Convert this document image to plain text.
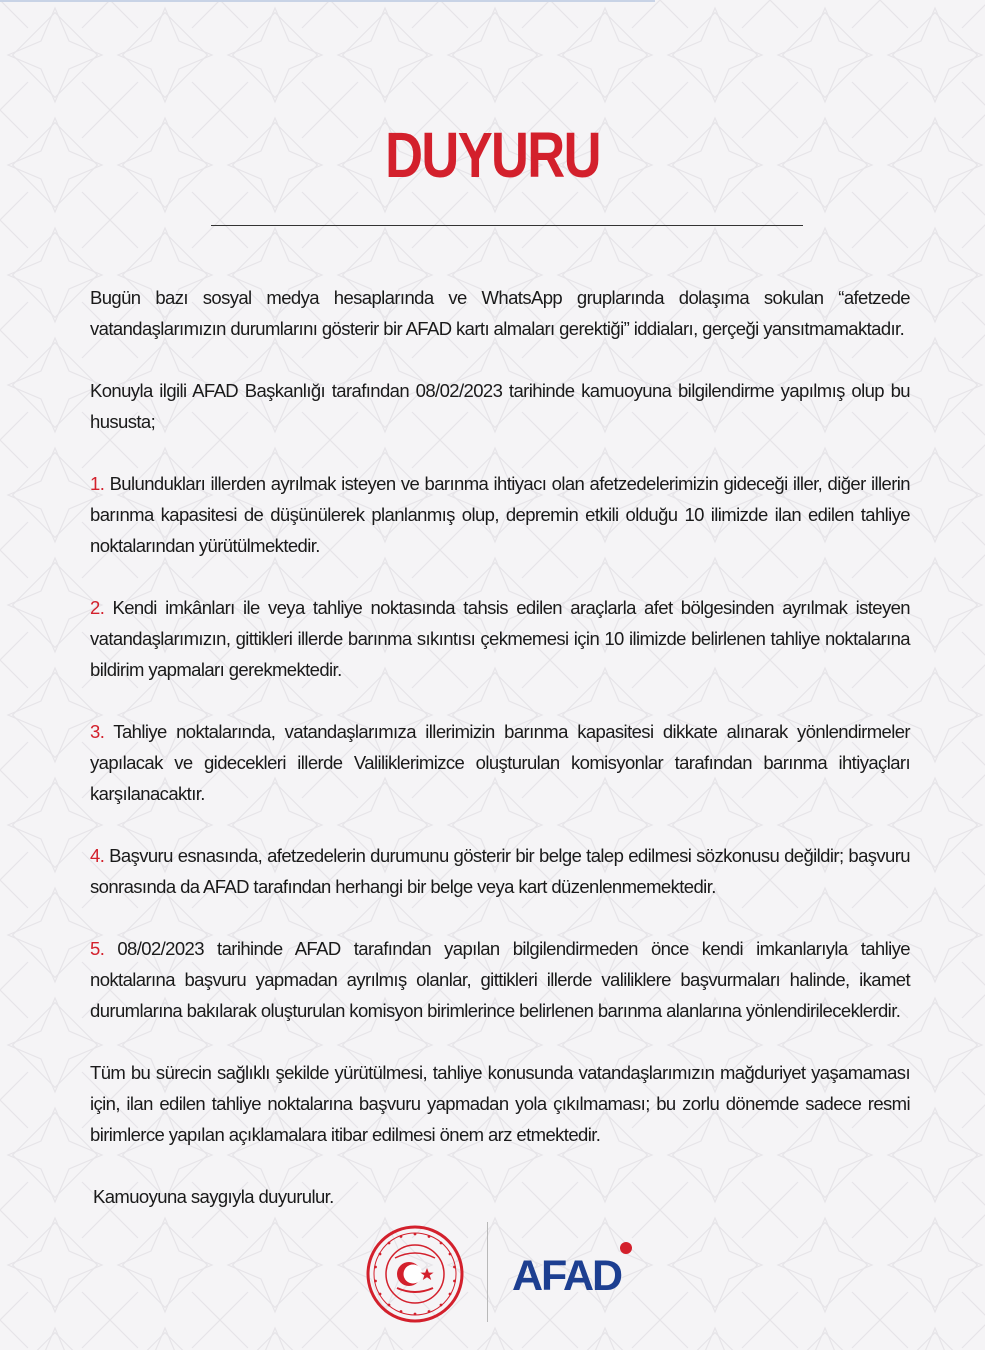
DUYURU

Bugün bazı sosyal medya hesaplarında ve WhatsApp gruplarında dolaşıma sokulan “afetzede vatandaşlarımızın durumlarını gösterir bir AFAD kartı almaları gerektiği” iddiaları, gerçeği yansıtmamaktadır.

Konuyla ilgili AFAD Başkanlığı tarafından 08/02/2023 tarihinde kamuoyuna bilgilendirme yapılmış olup bu hususta;

1. Bulundukları illerden ayrılmak isteyen ve barınma ihtiyacı olan afetzedelerimizin gideceği iller, diğer illerin barınma kapasitesi de düşünülerek planlanmış olup, depremin etkili olduğu 10 ilimizde ilan edilen tahliye noktalarından yürütülmektedir.

2. Kendi imkânları ile veya tahliye noktasında tahsis edilen araçlarla afet bölgesinden ayrılmak isteyen vatandaşlarımızın, gittikleri illerde barınma sıkıntısı çekmemesi için 10 ilimizde belirlenen tahliye noktalarına bildirim yapmaları gerekmektedir.

3. Tahliye noktalarında, vatandaşlarımıza illerimizin barınma kapasitesi dikkate alınarak yönlendirmeler yapılacak ve gidecekleri illerde Valiliklerimizce oluşturulan komisyonlar tarafından barınma ihtiyaçları karşılanacaktır.

4. Başvuru esnasında, afetzedelerin durumunu gösterir bir belge talep edilmesi sözkonusu değildir; başvuru sonrasında da AFAD tarafından herhangi bir belge veya kart düzenlenmemektedir.

5. 08/02/2023 tarihinde AFAD tarafından yapılan bilgilendirmeden önce kendi imkanlarıyla tahliye noktalarına başvuru yapmadan ayrılmış olanlar, gittikleri illerde valiliklere başvurmaları halinde, ikamet durumlarına bakılarak oluşturulan komisyon birimlerince belirlenen barınma alanlarına yönlendirileceklerdir.

Tüm bu sürecin sağlıklı şekilde yürütülmesi, tahliye konusunda vatandaşlarımızın mağduriyet yaşamaması için, ilan edilen tahliye noktalarına başvuru yapmadan yola çıkılmaması; bu zorlu dönemde sadece resmi birimlerce yapılan açıklamalara itibar edilmesi önem arz etmektedir.

Kamuoyuna saygıyla duyurulur.

AFAD
